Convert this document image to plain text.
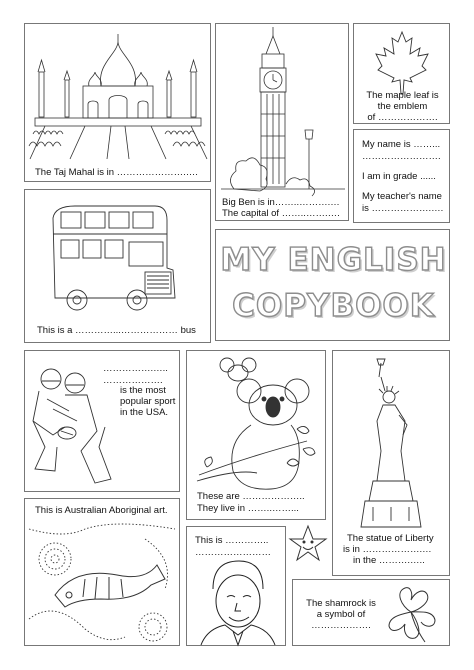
The Taj Mahal is in ………………….….
Big Ben is in……..……….…
The capital of ……..…….….
The maple leaf is
the emblem
of ……………….
My name is ……...
…………………….
I am in grade ......
My teacher's name
is ……………….….
This is a …………...……………… bus
MY ENGLISH
COPYBOOK
…………….…..
……………….
is the most
popular sport
in the USA.
These are ………………..
They live in ……..……...
The statue of Liberty
is in ……………….…
in the ……….…..
This is Australian Aboriginal art.
This is …………..
……………………
The shamrock is
a symbol of
……………….
